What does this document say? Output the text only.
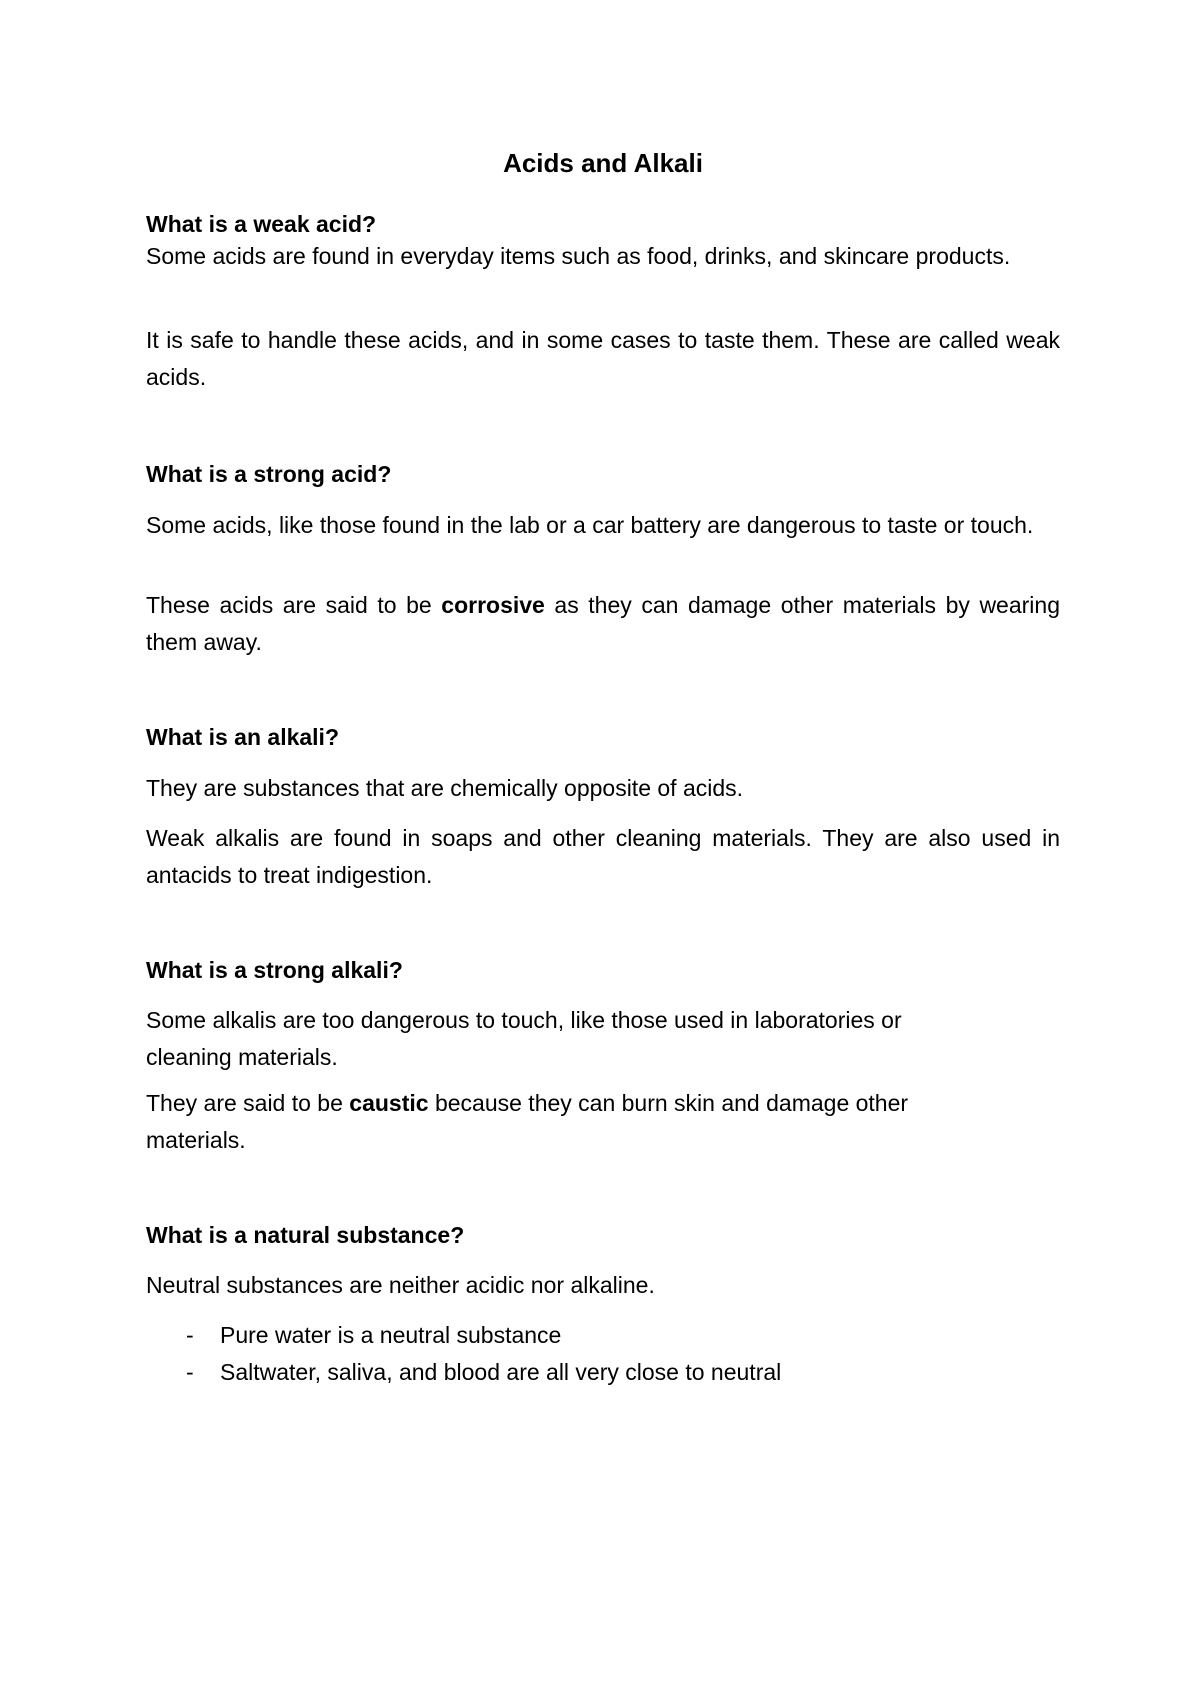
Acids and Alkali

What is a weak acid?

Some acids are found in everyday items such as food, drinks, and skincare products.

It is safe to handle these acids, and in some cases to taste them. These are called weak acids.

What is a strong acid?

Some acids, like those found in the lab or a car battery are dangerous to taste or touch.

These acids are said to be corrosive as they can damage other materials by wearing them away.

What is an alkali?

They are substances that are chemically opposite of acids.

Weak alkalis are found in soaps and other cleaning materials. They are also used in antacids to treat indigestion.

What is a strong alkali?

Some alkalis are too dangerous to touch, like those used in laboratories or cleaning materials.

They are said to be caustic because they can burn skin and damage other materials.

What is a natural substance?

Neutral substances are neither acidic nor alkaline.

- Pure water is a neutral substance
- Saltwater, saliva, and blood are all very close to neutral
